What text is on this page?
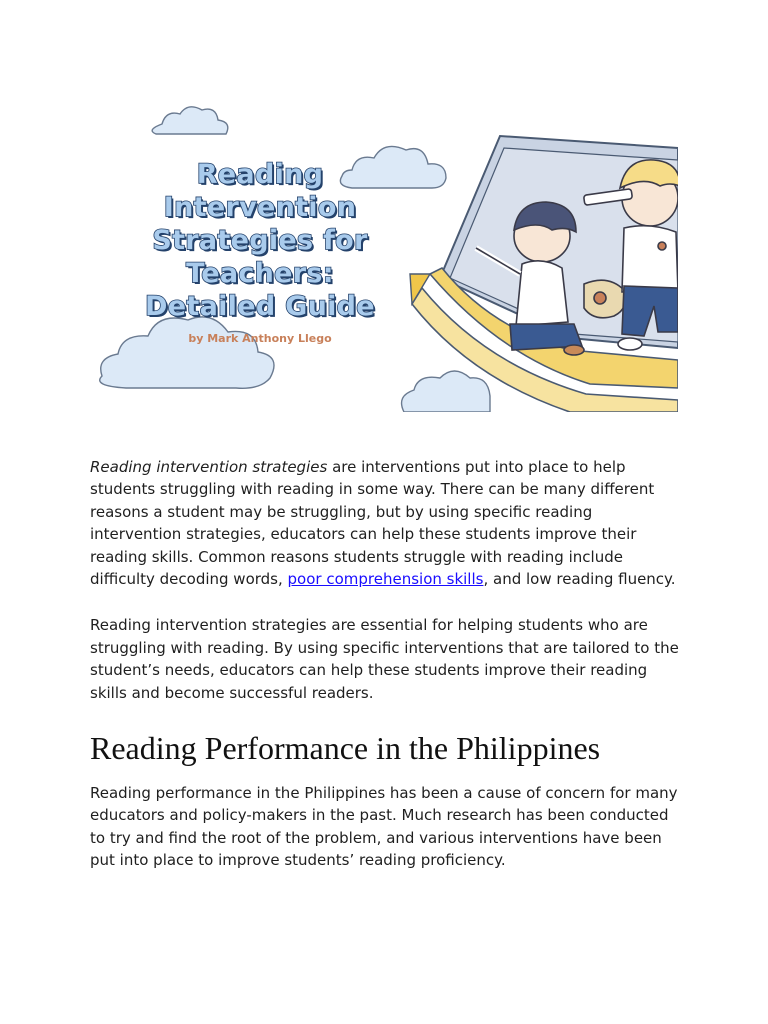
Reading
Intervention
Strategies for
Teachers:
Detailed Guide
by Mark Anthony Llego

Reading intervention strategies are interventions put into place to help students struggling with reading in some way. There can be many different reasons a student may be struggling, but by using specific reading intervention strategies, educators can help these students improve their reading skills. Common reasons students struggle with reading include difficulty decoding words, poor comprehension skills, and low reading fluency.

Reading intervention strategies are essential for helping students who are struggling with reading. By using specific interventions that are tailored to the student’s needs, educators can help these students improve their reading skills and become successful readers.

Reading Performance in the Philippines

Reading performance in the Philippines has been a cause of concern for many educators and policy-makers in the past. Much research has been conducted to try and find the root of the problem, and various interventions have been put into place to improve students’ reading proficiency.
